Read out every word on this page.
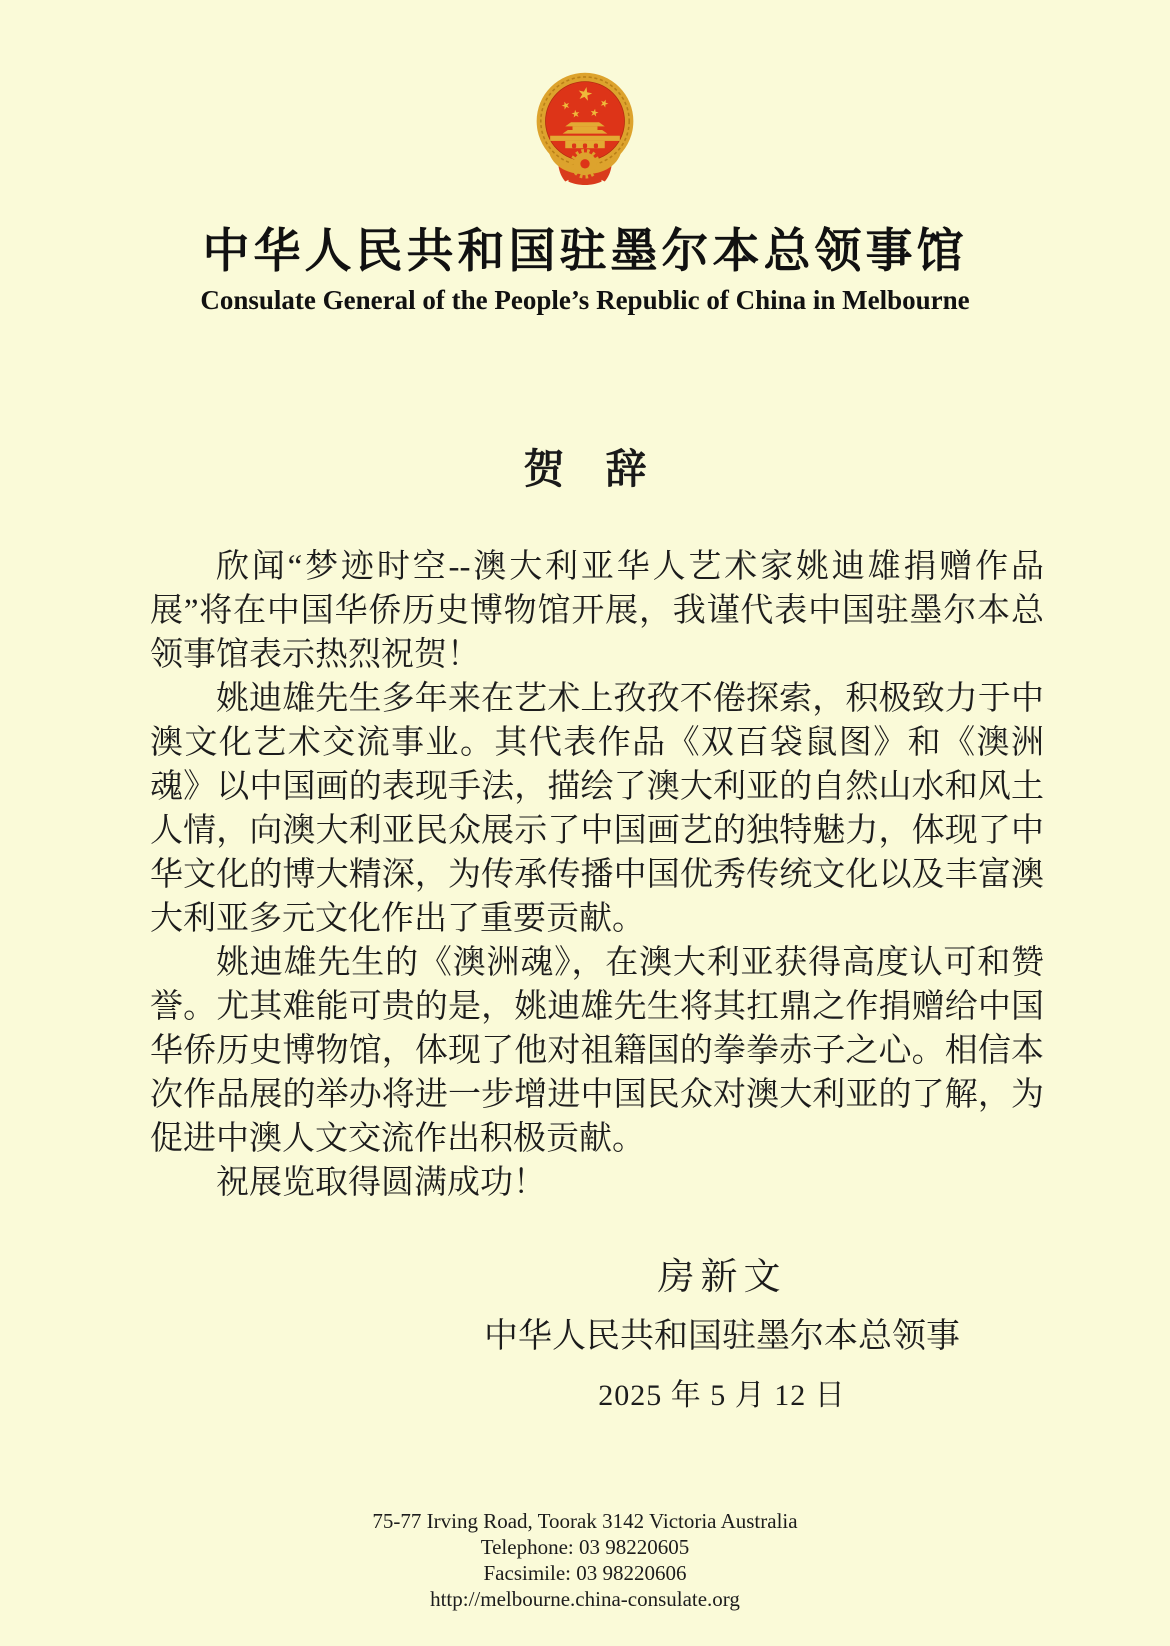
中华人民共和国驻墨尔本总领事馆
Consulate General of the People’s Republic of China in Melbourne
贺　辞

欣闻“梦迹时空--澳大利亚华人艺术家姚迪雄捐赠作品展”将在中国华侨历史博物馆开展，我谨代表中国驻墨尔本总领事馆表示热烈祝贺！

姚迪雄先生多年来在艺术上孜孜不倦探索，积极致力于中澳文化艺术交流事业。其代表作品《双百袋鼠图》和《澳洲魂》以中国画的表现手法，描绘了澳大利亚的自然山水和风土人情，向澳大利亚民众展示了中国画艺的独特魅力，体现了中华文化的博大精深，为传承传播中国优秀传统文化以及丰富澳大利亚多元文化作出了重要贡献。

姚迪雄先生的《澳洲魂》，在澳大利亚获得高度认可和赞誉。尤其难能可贵的是，姚迪雄先生将其扛鼎之作捐赠给中国华侨历史博物馆，体现了他对祖籍国的拳拳赤子之心。相信本次作品展的举办将进一步增进中国民众对澳大利亚的了解，为促进中澳人文交流作出积极贡献。

祝展览取得圆满成功！

房新文
中华人民共和国驻墨尔本总领事
2025 年 5 月 12 日
75-77 Irving Road, Toorak 3142 Victoria Australia
Telephone: 03 98220605
Facsimile: 03 98220606
http://melbourne.china-consulate.org
